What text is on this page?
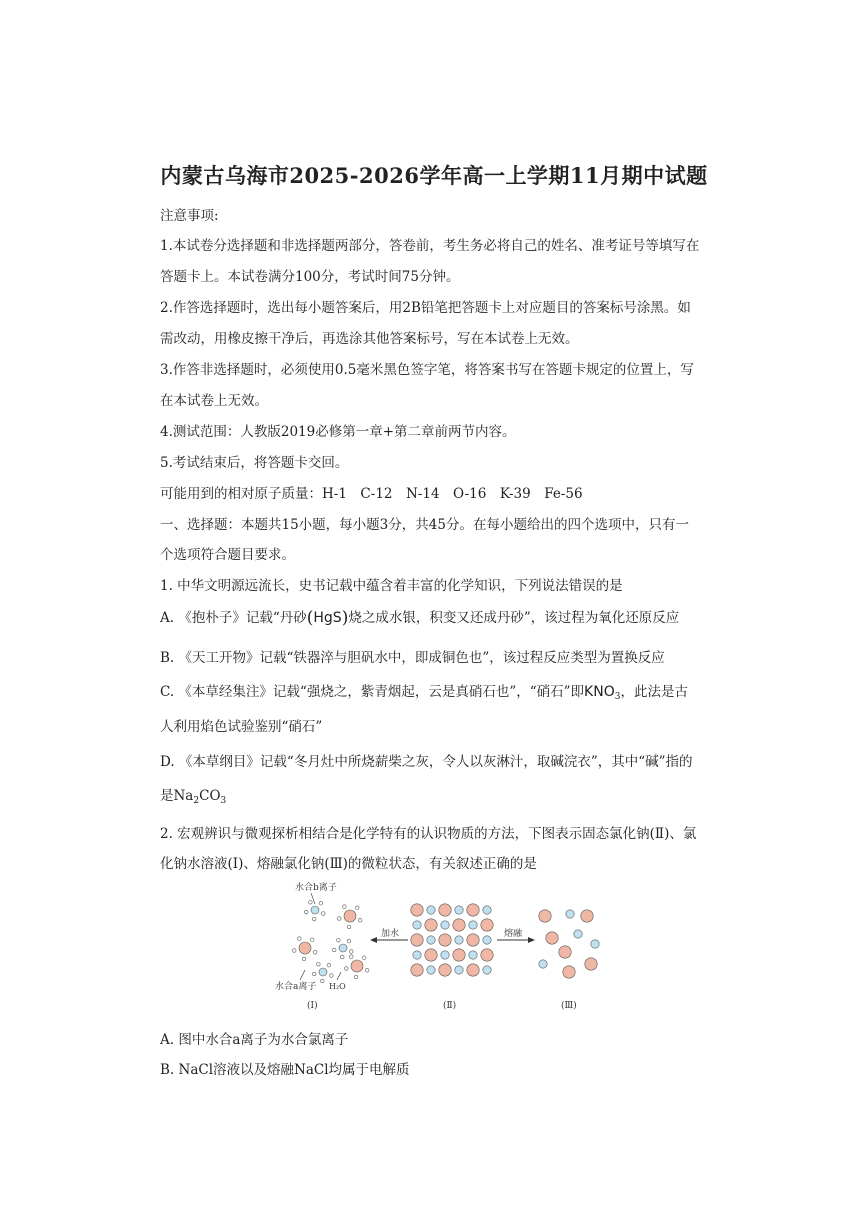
内蒙古乌海市2025-2026学年高一上学期11月期中试题
注意事项:
1.本试卷分选择题和非选择题两部分，答卷前，考生务必将自己的姓名、准考证号等填写在
答题卡上。本试卷满分100分，考试时间75分钟。
2.作答选择题时，选出每小题答案后，用2B铅笔把答题卡上对应题目的答案标号涂黑。如
需改动，用橡皮擦干净后，再选涂其他答案标号，写在本试卷上无效。
3.作答非选择题时，必须使用0.5毫米黑色签字笔，将答案书写在答题卡规定的位置上，写
在本试卷上无效。
4.测试范围：人教版2019必修第一章+第二章前两节内容。
5.考试结束后，将答题卡交回。
可能用到的相对原子质量：H-1　C-12　N-14　O-16　K-39　Fe-56
一、选择题：本题共15小题，每小题3分，共45分。在每小题给出的四个选项中，只有一
个选项符合题目要求。
1. 中华文明源远流长，史书记载中蕴含着丰富的化学知识，下列说法错误的是
A. 《抱朴子》记载“丹砂(HgS)烧之成水银，积变又还成丹砂”，该过程为氧化还原反应
B. 《天工开物》记载“铁器淬与胆矾水中，即成铜色也”，该过程反应类型为置换反应
C. 《本草经集注》记载“强烧之，紫青烟起，云是真硝石也”，“硝石”即$KNO_3$，此法是古
人利用焰色试验鉴别“硝石”
D. 《本草纲目》记载“冬月灶中所烧薪柴之灰，令人以灰淋汁，取碱浣衣”，其中“碱”指的
是$Na_2CO_3$
2. 宏观辨识与微观探析相结合是化学特有的认识物质的方法，下图表示固态氯化钠(Ⅱ)、氯
化钠水溶液(Ⅰ)、熔融氯化钠(Ⅲ)的微粒状态，有关叙述正确的是
加水	熔融
水合b离子
水合a离子 H₂O
(Ⅰ)	(Ⅱ)	(Ⅲ)
A. 图中水合a离子为水合氯离子
B. NaCl溶液以及熔融NaCl均属于电解质
